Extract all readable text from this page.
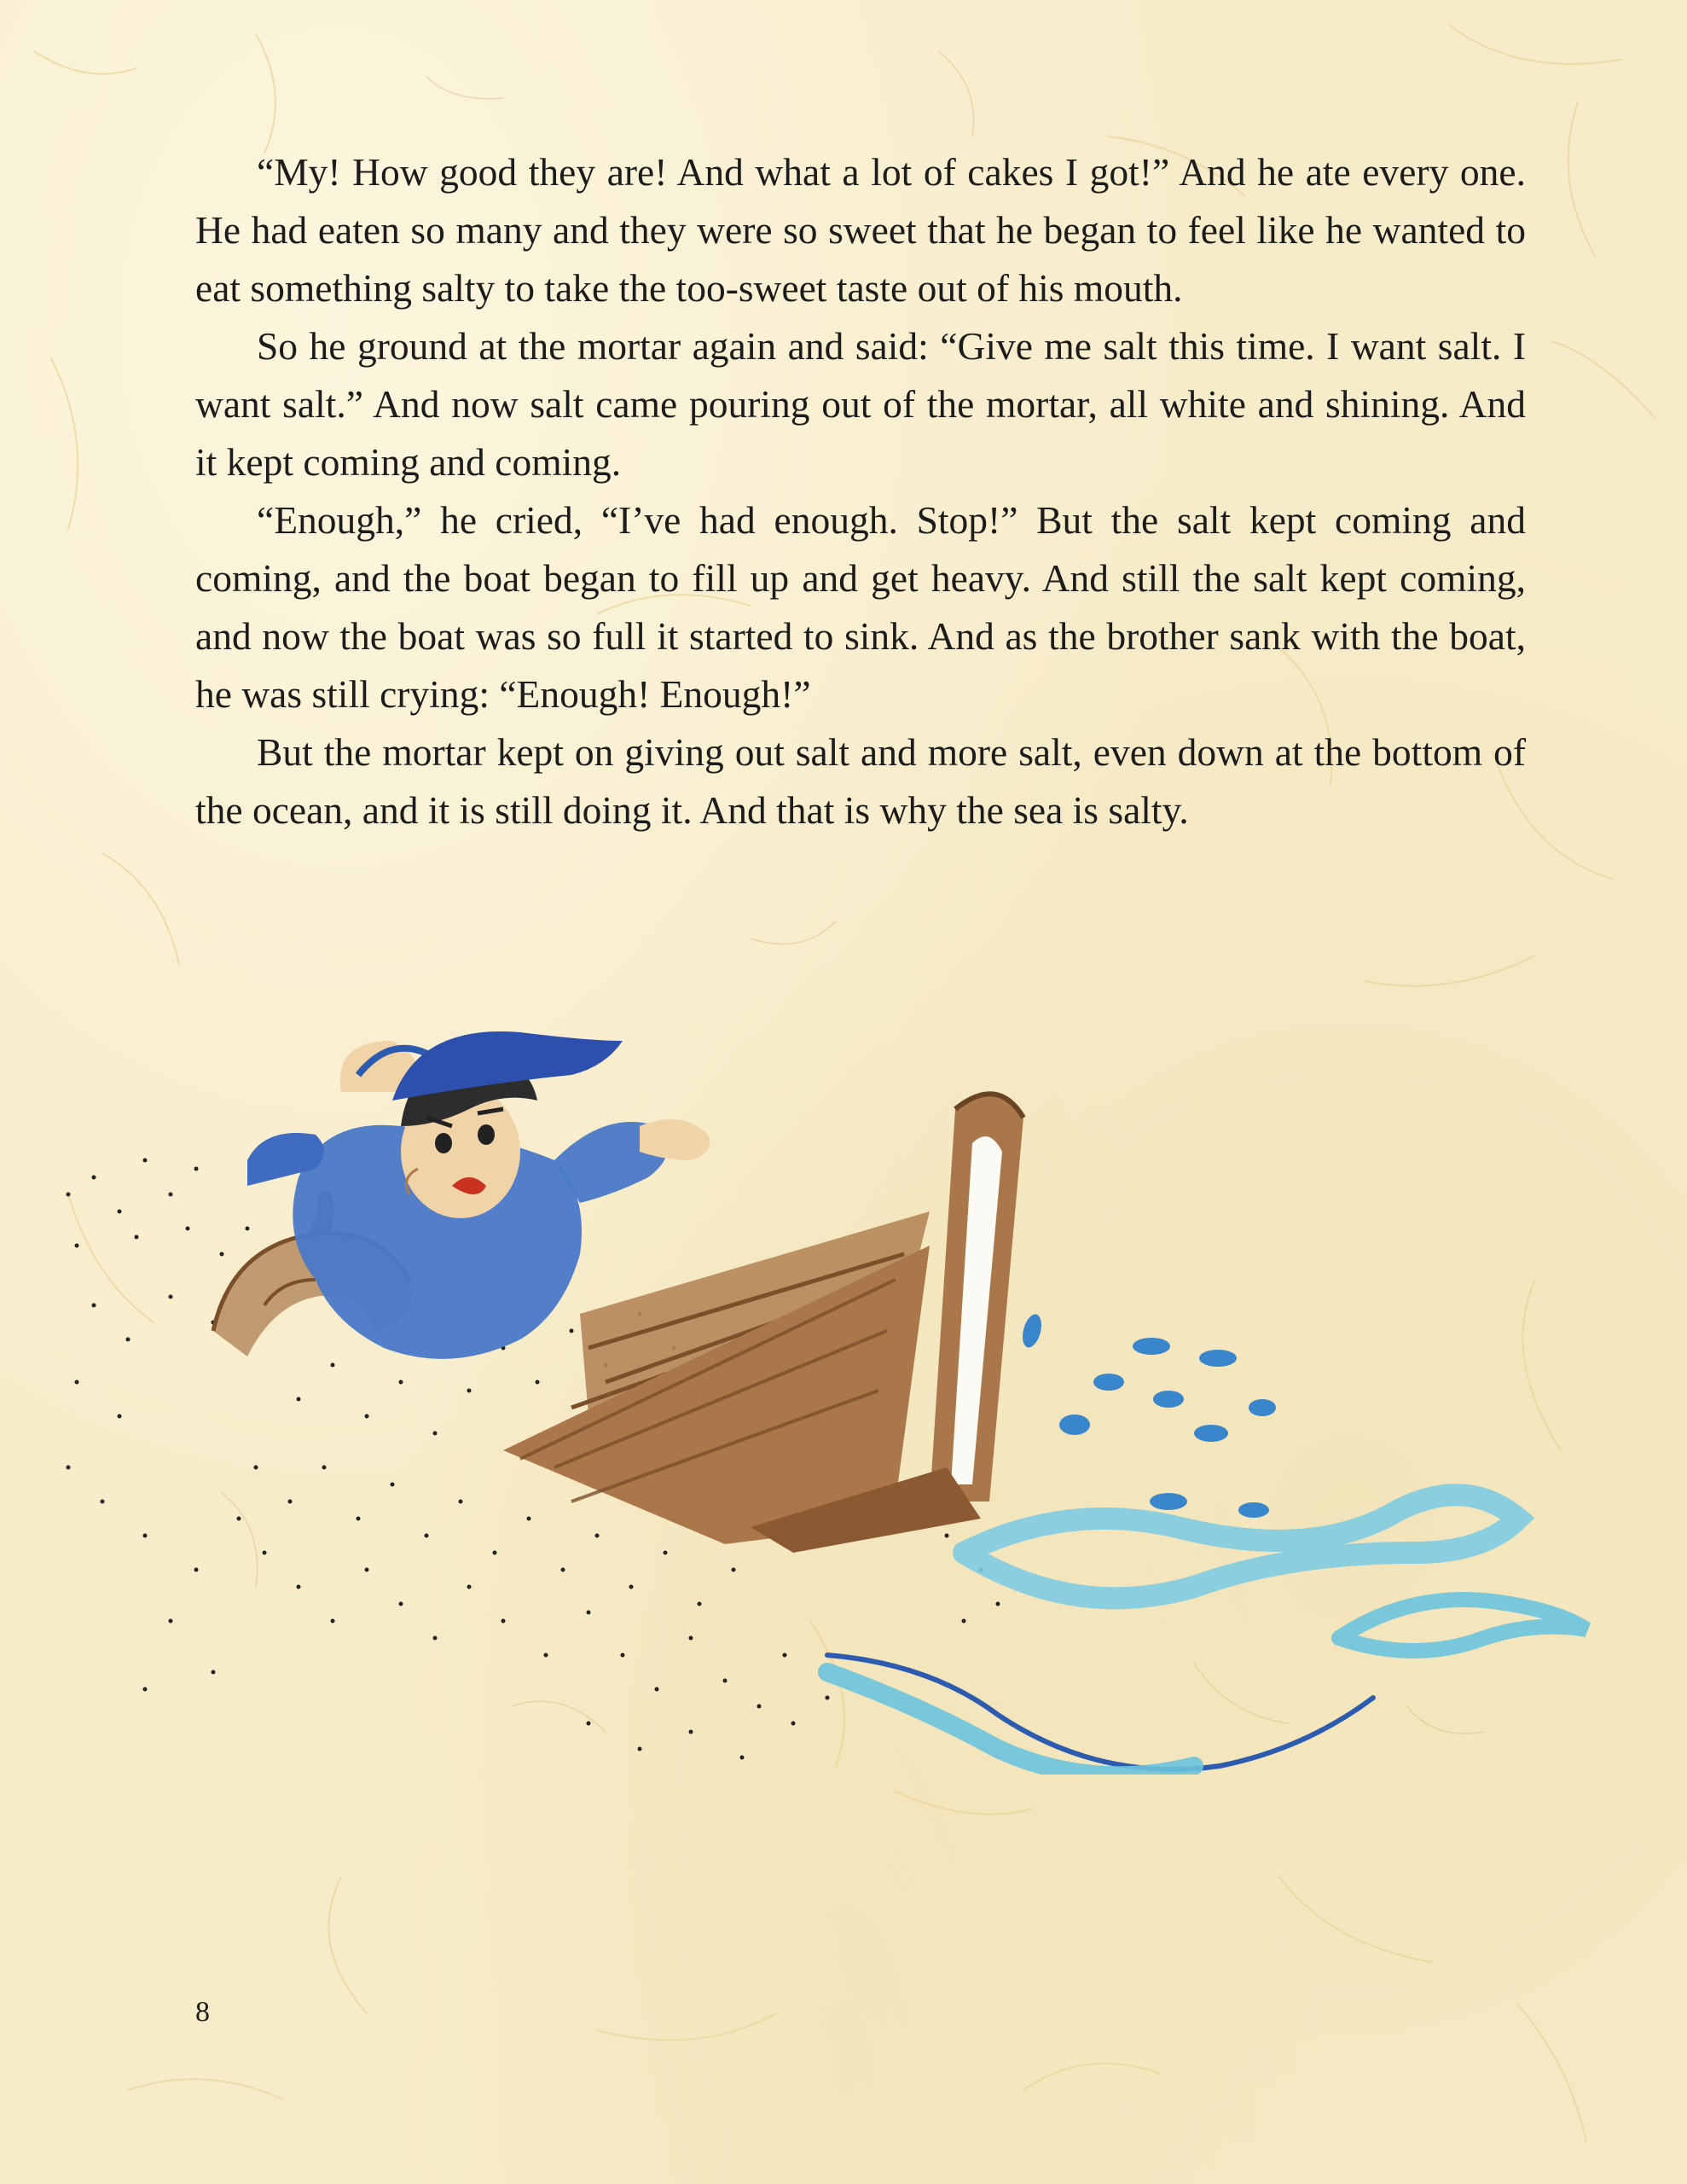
“My! How good they are! And what a lot of cakes I got!” And he ate every one. He had eaten so many and they were so sweet that he began to feel like he wanted to eat something salty to take the too-sweet taste out of his mouth.

So he ground at the mortar again and said: “Give me salt this time. I want salt. I want salt.” And now salt came pouring out of the mortar, all white and shining. And it kept coming and coming.

“Enough,” he cried, “I’ve had enough. Stop!” But the salt kept coming and coming, and the boat began to fill up and get heavy. And still the salt kept coming, and now the boat was so full it started to sink. And as the brother sank with the boat, he was still crying: “Enough! Enough!”

But the mortar kept on giving out salt and more salt, even down at the bottom of the ocean, and it is still doing it. And that is why the sea is salty.

8
